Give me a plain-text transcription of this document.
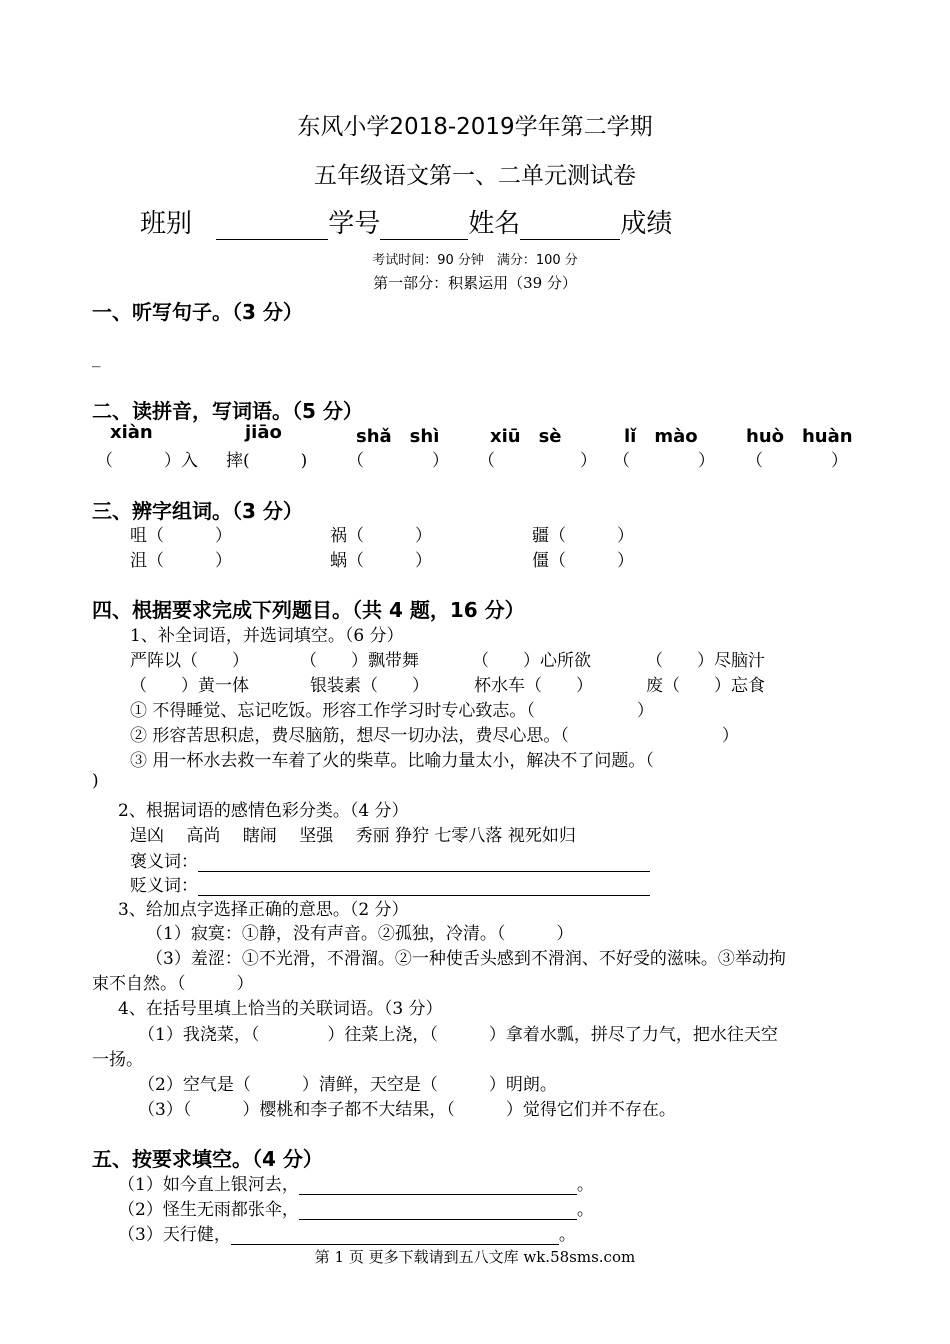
东风小学2018-2019学年第二学期
五年级语文第一、二单元测试卷
班别	学号	姓名	成绩
考试时间：90 分钟　满分：100 分
第一部分：积累运用（39 分）
一、听写句子。（3 分）
_
二、读拼音，写词语。（5 分）
xiàn	jiāo	shǎ　shì	xiū　sè	lǐ　mào	huò　huàn
（　　　）入 摔(　　　) （　　　　） （　　　　　） （　　　　） （　　　　）
三、辨字组词。（3 分）
咀（　　　）	祸（　　　）	疆（　　　）
沮（　　　）	蜗（　　　）	僵（　　　）
四、根据要求完成下列题目。（共 4 题，16 分）
1、补全词语，并选词填空。（6 分）
严阵以（　　）	（　　）飘带舞	（　　）心所欲	（　　）尽脑汁
（　　）黄一体	银装素（　　）	杯水车（　　）	废（　　）忘食
① 不得睡觉、忘记吃饭。形容工作学习时专心致志。（　　　　　　）
② 形容苦思积虑，费尽脑筋，想尽一切办法，费尽心思。（　　　　　　　　　）
③ 用一杯水去救一车着了火的柴草。比喻力量太小，解决不了问题。（
)
2、根据词语的感情色彩分类。（4 分）
逞凶　 高尚　 瞎闹　 坚强　 秀丽 狰狞 七零八落 视死如归
褒义词：
贬义词：
3、给加点字选择正确的意思。（2 分）
（1）寂寞：①静，没有声音。②孤独，冷清。（　　　）
（3）羞涩：①不光滑，不滑溜。②一种使舌头感到不滑润、不好受的滋味。③举动拘
束不自然。（　　　）
4、在括号里填上恰当的关联词语。（3 分）
（1）我浇菜，（　　　　）往菜上浇，（　　　）拿着水瓢，拼尽了力气，把水往天空
一扬。
（2）空气是（　　　）清鲜，天空是（　　　）明朗。
（3）（　　　）樱桃和李子都不大结果，（　　　）觉得它们并不存在。
五、按要求填空。（4 分）
（1）如今直上银河去，	。
（2）怪生无雨都张伞，	。
（3）天行健，	。
第 1 页 更多下载请到五八文库 wk.58sms.com
